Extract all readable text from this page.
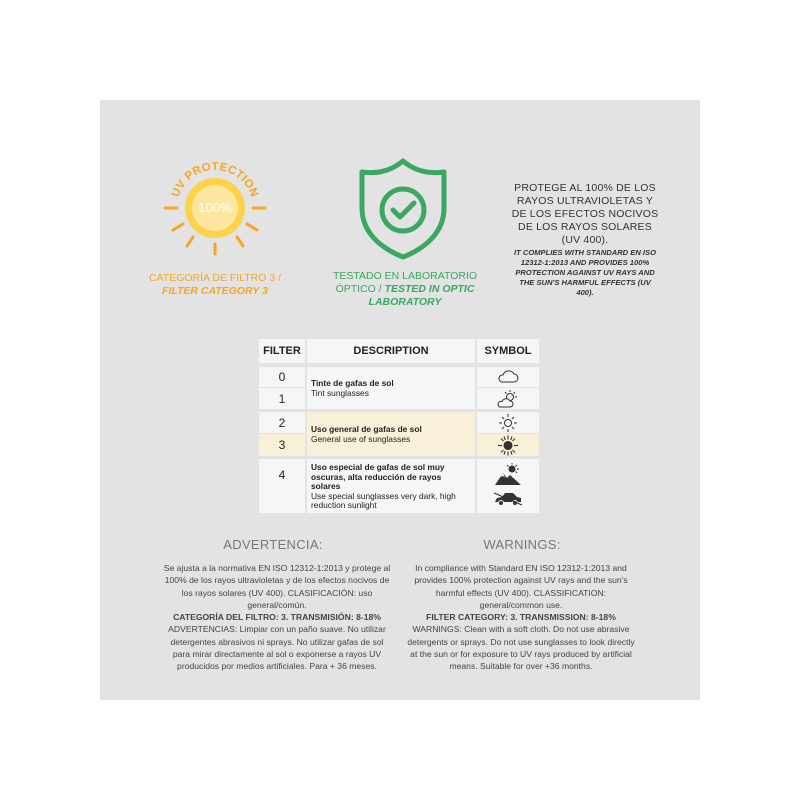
100%
UV PROTECTION
CATEGORÍA DE FILTRO 3 /
FILTER CATEGORY 3
TESTADO EN LABORATORIO ÓPTICO / TESTED IN OPTIC LABORATORY
PROTEGE AL 100% DE LOS RAYOS ULTRAVIOLETAS Y DE LOS EFECTOS NOCIVOS DE LOS RAYOS SOLARES (UV 400).
IT COMPLIES WITH STANDARD EN ISO 12312-1:2013 AND PROVIDES 100% PROTECTION AGAINST UV RAYS AND THE SUN'S HARMFUL EFFECTS (UV 400).
FILTER	DESCRIPTION	SYMBOL
0
1
2
3
4
Tinte de gafas de sol
Tint sunglasses
Uso general de gafas de sol
General use of sunglasses
Uso especial de gafas de sol muy oscuras, alta reducción de rayos solares
Use special sunglasses very dark, high reduction sunlight
ADVERTENCIA:
Se ajusta a la normativa EN ISO 12312-1:2013 y protege al 100% de los rayos ultravioletas y de los efectos nocivos de los rayos solares (UV 400). CLASIFICACIÓN: uso general/común.
CATEGORÍA DEL FILTRO: 3. TRANSMISIÓN: 8-18%
ADVERTENCIAS: Limpiar con un paño suave. No utilizar detergentes abrasivos ni sprays. No utilizar gafas de sol para mirar directamente al sol o exponerse a rayos UV producidos por medios artificiales. Para + 36 meses.
WARNINGS:
In compliance with Standard EN ISO 12312-1:2013 and provides 100% protection against UV rays and the sun's harmful effects (UV 400). CLASSIFICATION: general/common use.
FILTER CATEGORY: 3. TRANSMISSION: 8-18%
WARNINGS: Clean with a soft cloth. Do not use abrasive detergents or sprays. Do not use sunglasses to look directly at the sun or for exposure to UV rays produced by artificial means. Suitable for over +36 months.
